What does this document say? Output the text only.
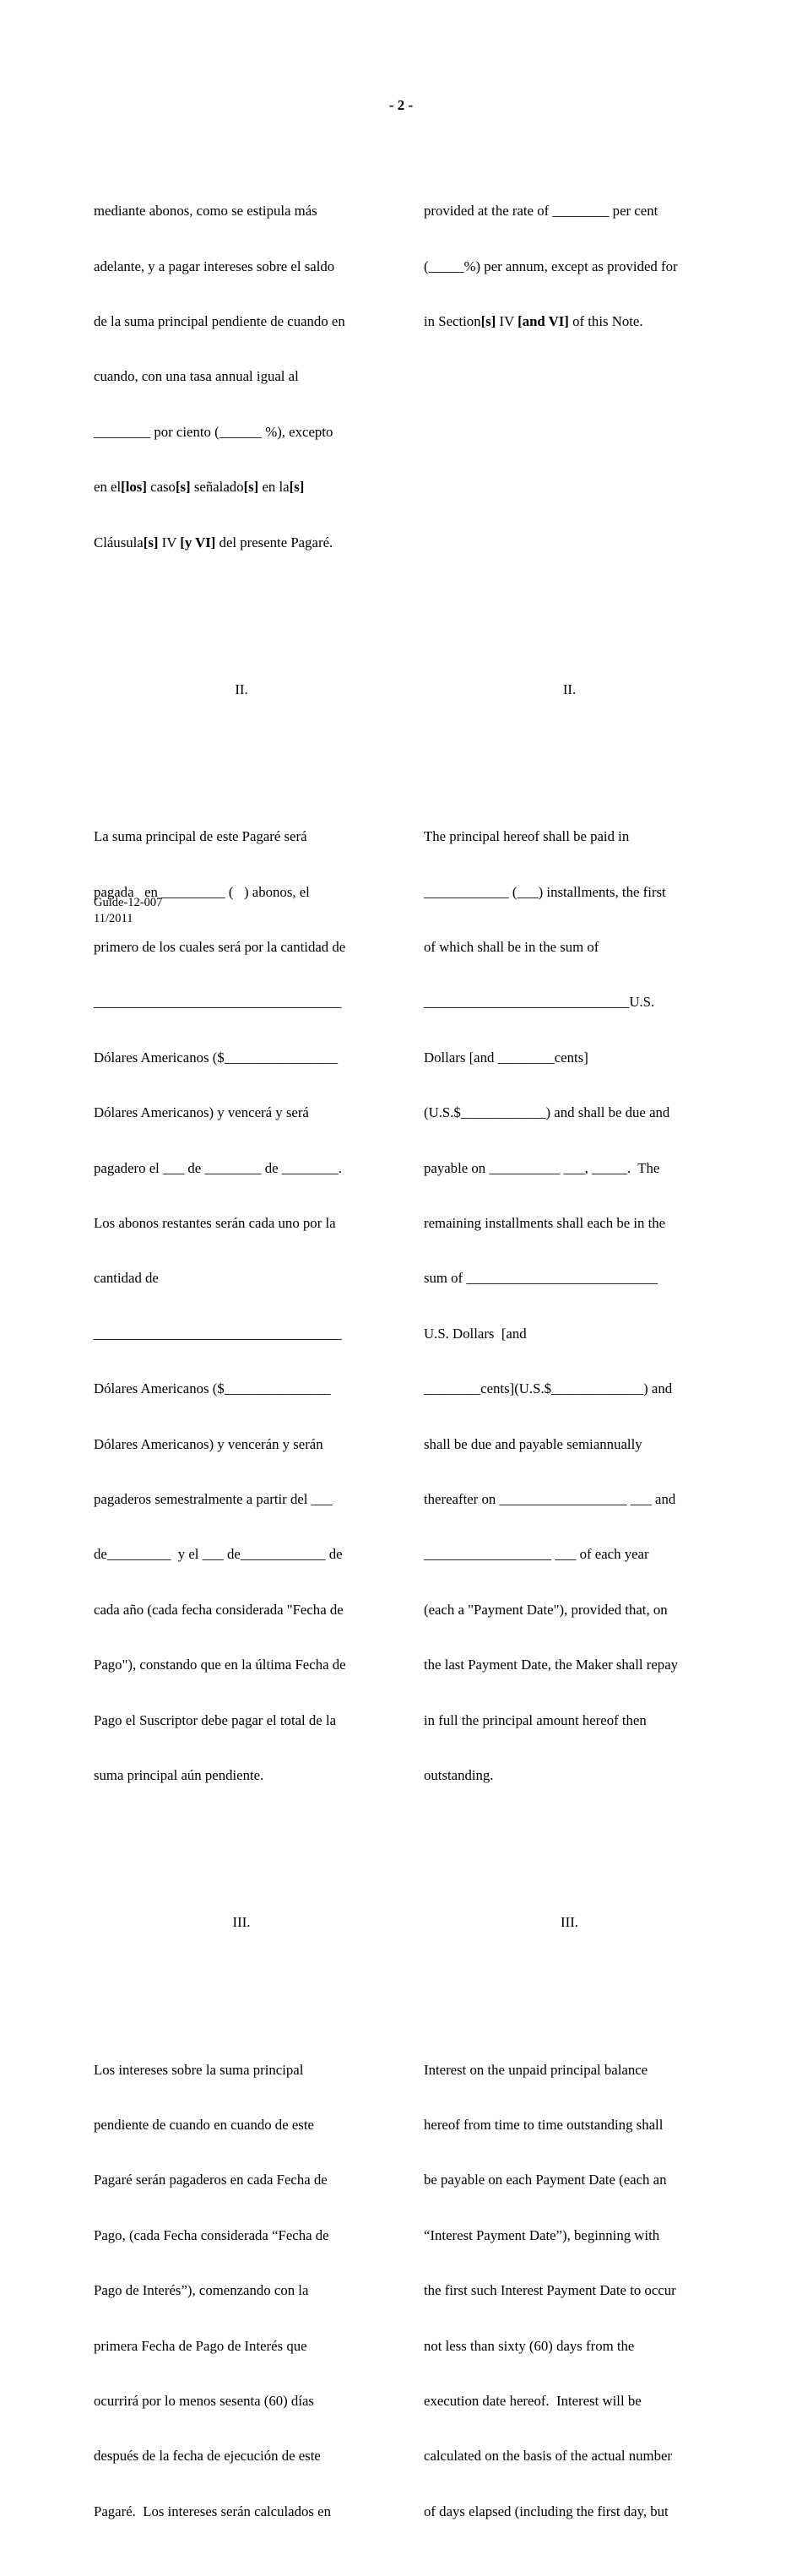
- 2 -

mediante abonos, como se estipula más

adelante, y a pagar intereses sobre el saldo

de la suma principal pendiente de cuando en

cuando, con una tasa annual igual al

________ por ciento (______ %), excepto

en el[los] caso[s] señalado[s] en la[s]

Cláusula[s] IV [y VI] del presente Pagaré.

II.

La suma principal de este Pagaré será

pagada   en _________ (   ) abonos, el

primero de los cuales será por la cantidad de

___________________________________

Dólares Americanos ($________________

Dólares Americanos) y vencerá y será

pagadero el ___ de ________ de ________.

Los abonos restantes serán cada uno por la

cantidad de

___________________________________

Dólares Americanos ($_______________

Dólares Americanos) y vencerán y serán

pagaderos semestralmente a partir del ___

de_________  y el ___ de____________ de

cada año (cada fecha considerada "Fecha de

Pago"), constando que en la última Fecha de

Pago el Suscriptor debe pagar el total de la

suma principal aún pendiente.

III.

Los intereses sobre la suma principal

pendiente de cuando en cuando de este

Pagaré serán pagaderos en cada Fecha de

Pago, (cada Fecha considerada “Fecha de

Pago de Interés”), comenzando con la

primera Fecha de Pago de Interés que

ocurrirá por lo menos sesenta (60) días

después de la fecha de ejecución de este

Pagaré.  Los intereses serán calculados en

provided at the rate of ________ per cent

(_____%) per annum, except as provided for

in Section[s] IV [and VI] of this Note.

II.

The principal hereof shall be paid in

____________ (___) installments, the first

of which shall be in the sum of

_____________________________U.S.

Dollars [and ________cents]

(U.S.$____________) and shall be due and

payable on __________ ___, _____.  The

remaining installments shall each be in the

sum of ___________________________

U.S. Dollars  [and

________cents](U.S.$_____________) and

shall be due and payable semiannually

thereafter on __________________ ___ and

__________________ ___ of each year

(each a "Payment Date"), provided that, on

the last Payment Date, the Maker shall repay

in full the principal amount hereof then

outstanding.

III.

Interest on the unpaid principal balance

hereof from time to time outstanding shall

be payable on each Payment Date (each an

“Interest Payment Date”), beginning with

the first such Interest Payment Date to occur

not less than sixty (60) days from the

execution date hereof.  Interest will be

calculated on the basis of the actual number

of days elapsed (including the first day, but

Guide-12-007
11/2011
